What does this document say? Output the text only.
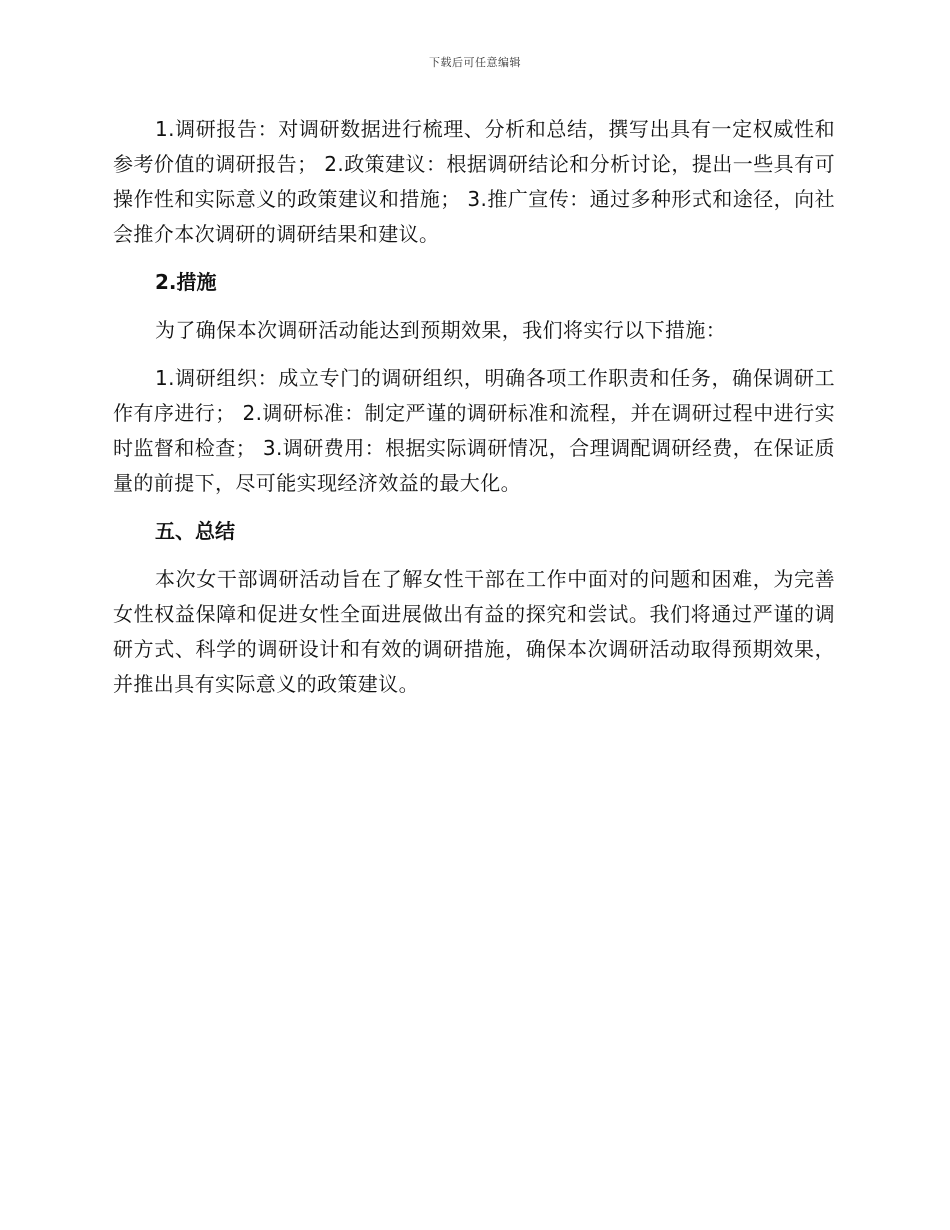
下载后可任意编辑

1.调研报告：对调研数据进行梳理、分析和总结，撰写出具有一定权威性和参考价值的调研报告； 2.政策建议：根据调研结论和分析讨论，提出一些具有可操作性和实际意义的政策建议和措施； 3.推广宣传：通过多种形式和途径，向社会推介本次调研的调研结果和建议。

2.措施

为了确保本次调研活动能达到预期效果，我们将实行以下措施：

1.调研组织：成立专门的调研组织，明确各项工作职责和任务，确保调研工作有序进行； 2.调研标准：制定严谨的调研标准和流程，并在调研过程中进行实时监督和检查； 3.调研费用：根据实际调研情况，合理调配调研经费，在保证质量的前提下，尽可能实现经济效益的最大化。

五、总结

本次女干部调研活动旨在了解女性干部在工作中面对的问题和困难，为完善女性权益保障和促进女性全面进展做出有益的探究和尝试。我们将通过严谨的调研方式、科学的调研设计和有效的调研措施，确保本次调研活动取得预期效果，并推出具有实际意义的政策建议。
